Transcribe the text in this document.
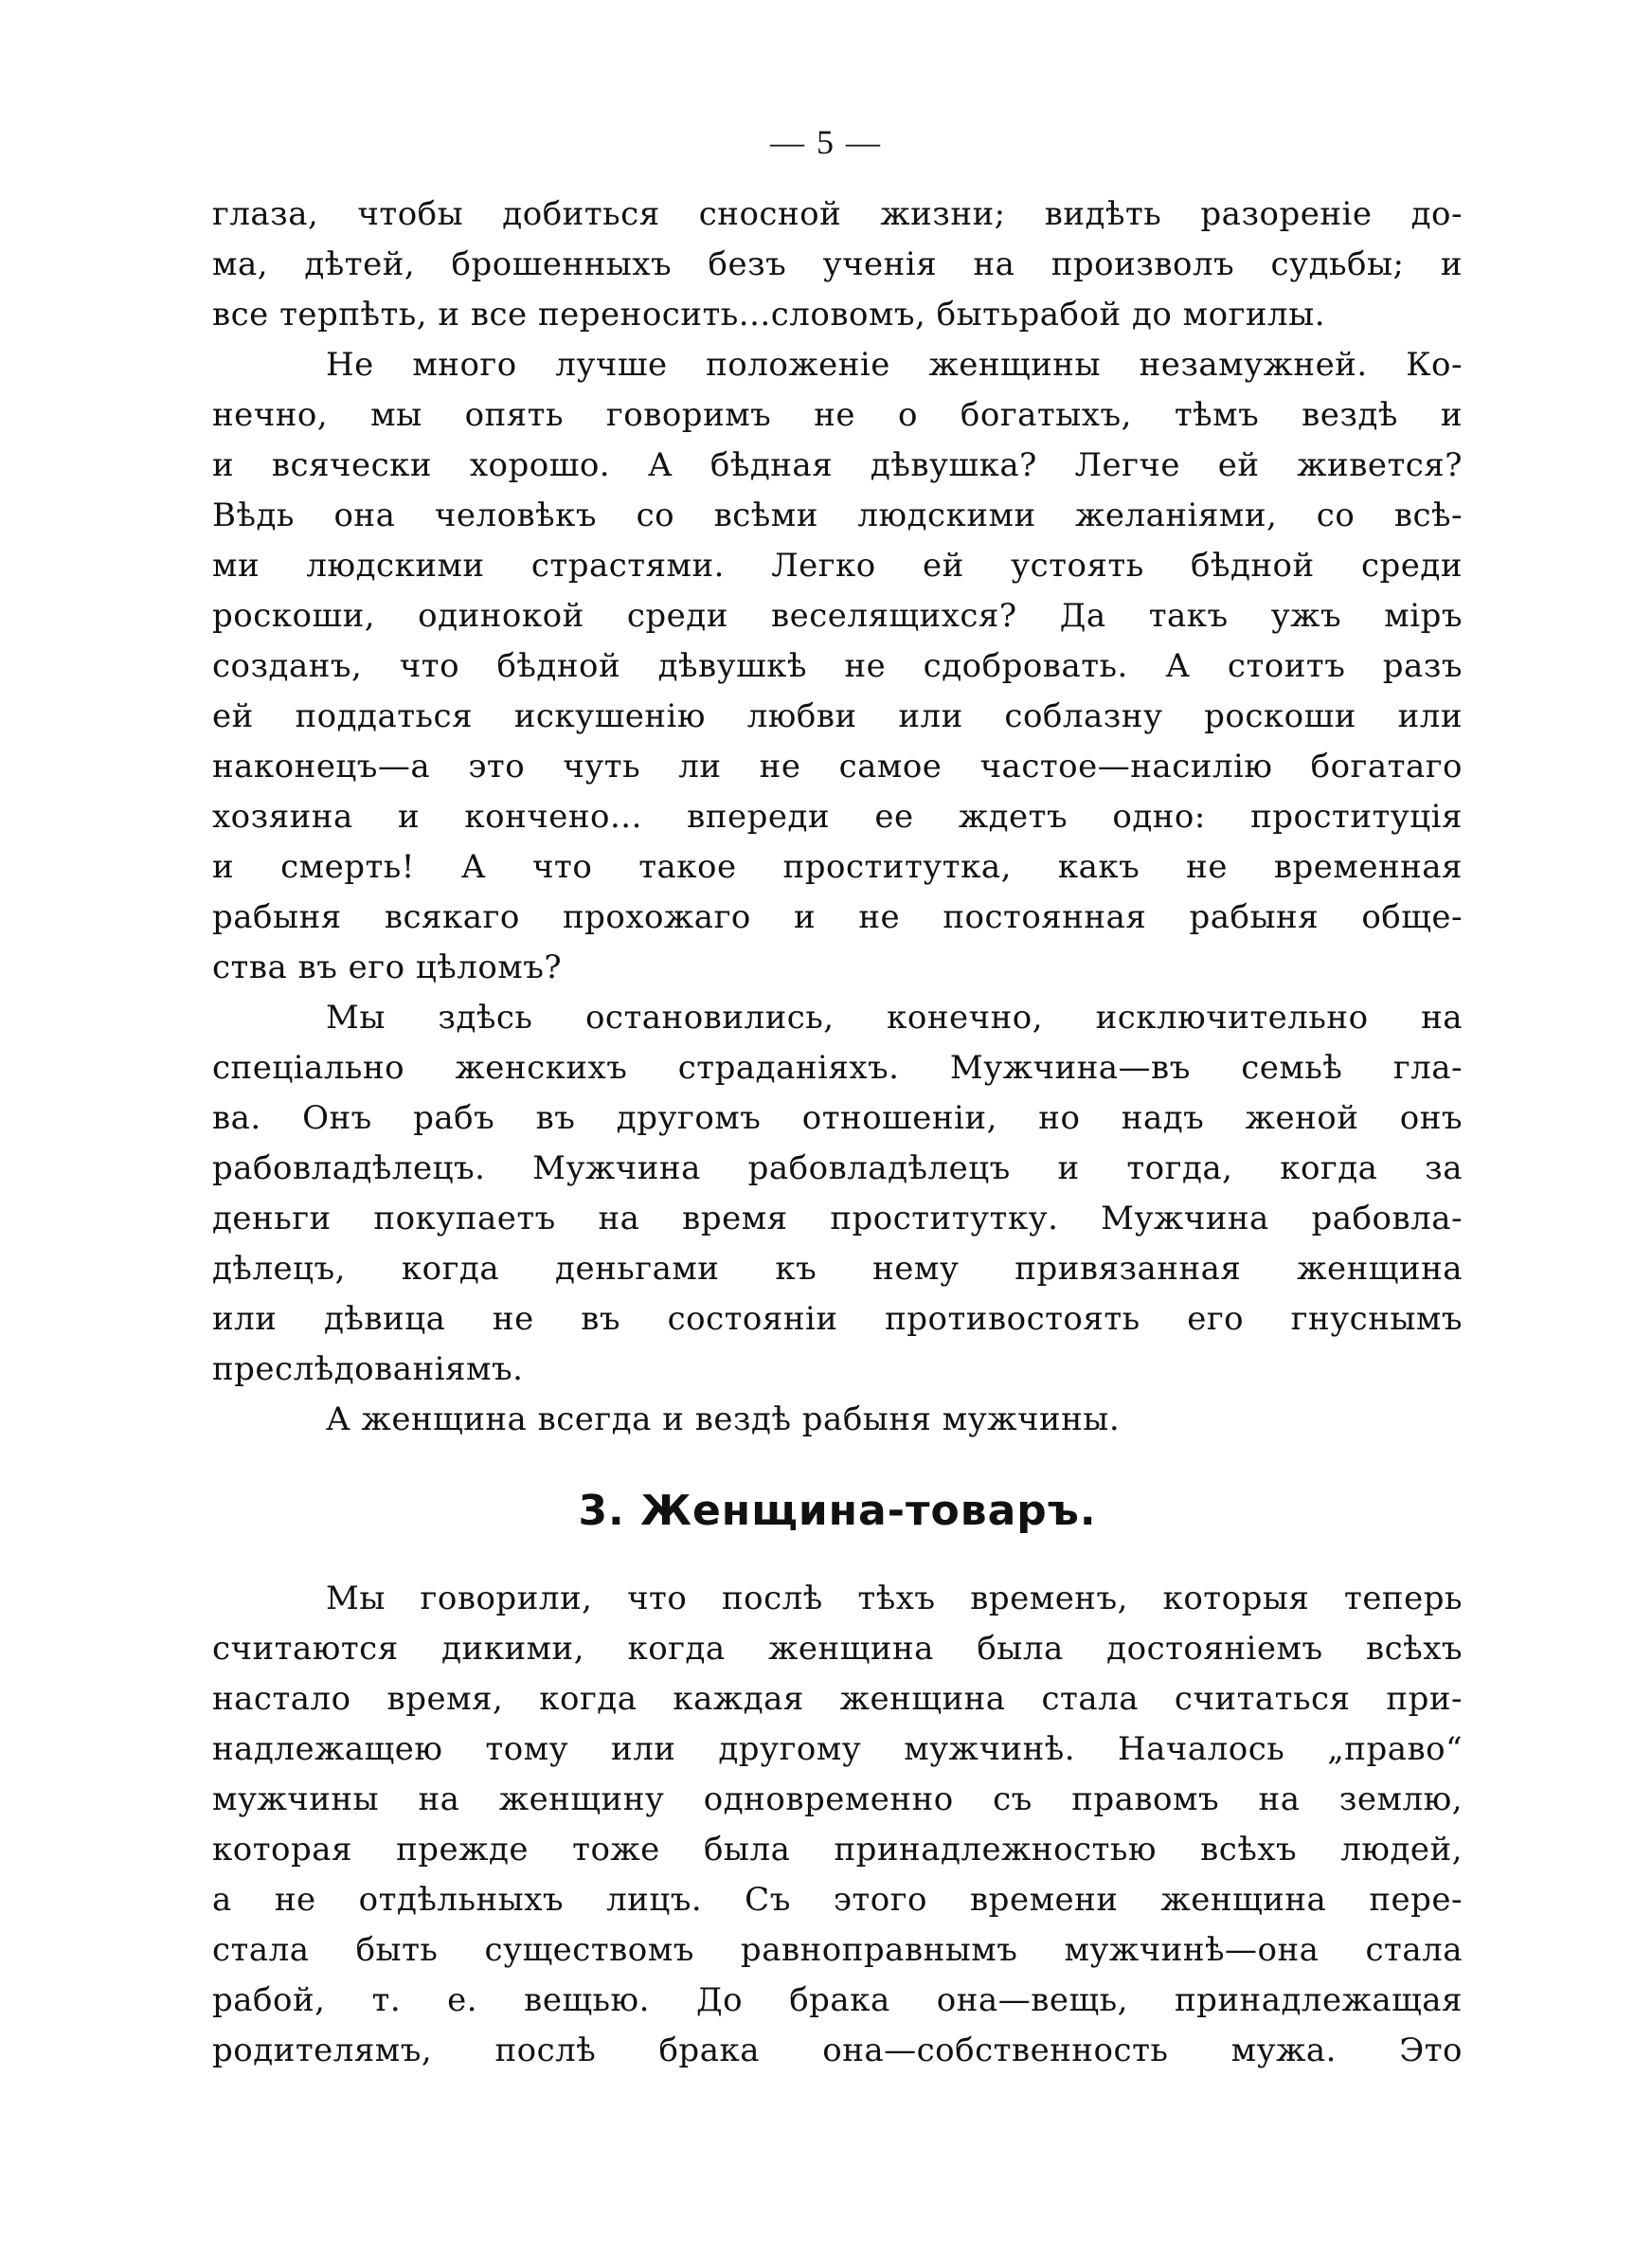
— 5 —
глаза, чтобы добиться сносной жизни; видѣть разореніе до-
ма, дѣтей, брошенныхъ безъ ученія на произволъ судьбы; и
все терпѣть, и все переносить...словомъ, бытьрабой до могилы.
Не много лучше положеніе женщины незамужней. Ко-
нечно, мы опять говоримъ не о богатыхъ, тѣмъ вездѣ и
и всячески хорошо. А бѣдная дѣвушка? Легче ей живется?
Вѣдь она человѣкъ со всѣми людскими желаніями, со всѣ-
ми людскими страстями. Легко ей устоять бѣдной среди
роскоши, одинокой среди веселящихся? Да такъ ужъ міръ
созданъ, что бѣдной дѣвушкѣ не сдобровать. А стоитъ разъ
ей поддаться искушенію любви или соблазну роскоши или
наконецъ—а это чуть ли не самое частое—насилію богатаго
хозяина и кончено... впереди ее ждетъ одно: проституція
и смерть! А что такое проститутка, какъ не временная
рабыня всякаго прохожаго и не постоянная рабыня обще-
ства въ его цѣломъ?
Мы здѣсь остановились, конечно, исключительно на
спеціально женскихъ страданіяхъ. Мужчина—въ семьѣ гла-
ва. Онъ рабъ въ другомъ отношеніи, но надъ женой онъ
рабовладѣлецъ. Мужчина рабовладѣлецъ и тогда, когда за
деньги покупаетъ на время проститутку. Мужчина рабовла-
дѣлецъ, когда деньгами къ нему привязанная женщина
или дѣвица не въ состояніи противостоять его гнуснымъ
преслѣдованіямъ.
А женщина всегда и вездѣ рабыня мужчины.
3. Женщина-товаръ.
Мы говорили, что послѣ тѣхъ временъ, которыя теперь
считаются дикими, когда женщина была достояніемъ всѣхъ
настало время, когда каждая женщина стала считаться при-
надлежащею тому или другому мужчинѣ. Началось „право“
мужчины на женщину одновременно съ правомъ на землю,
которая прежде тоже была принадлежностью всѣхъ людей,
а не отдѣльныхъ лицъ. Съ этого времени женщина пере-
стала быть существомъ равноправнымъ мужчинѣ—она стала
рабой, т. е. вещью. До брака она—вещь, принадлежащая
родителямъ, послѣ брака она—собственность мужа. Это
